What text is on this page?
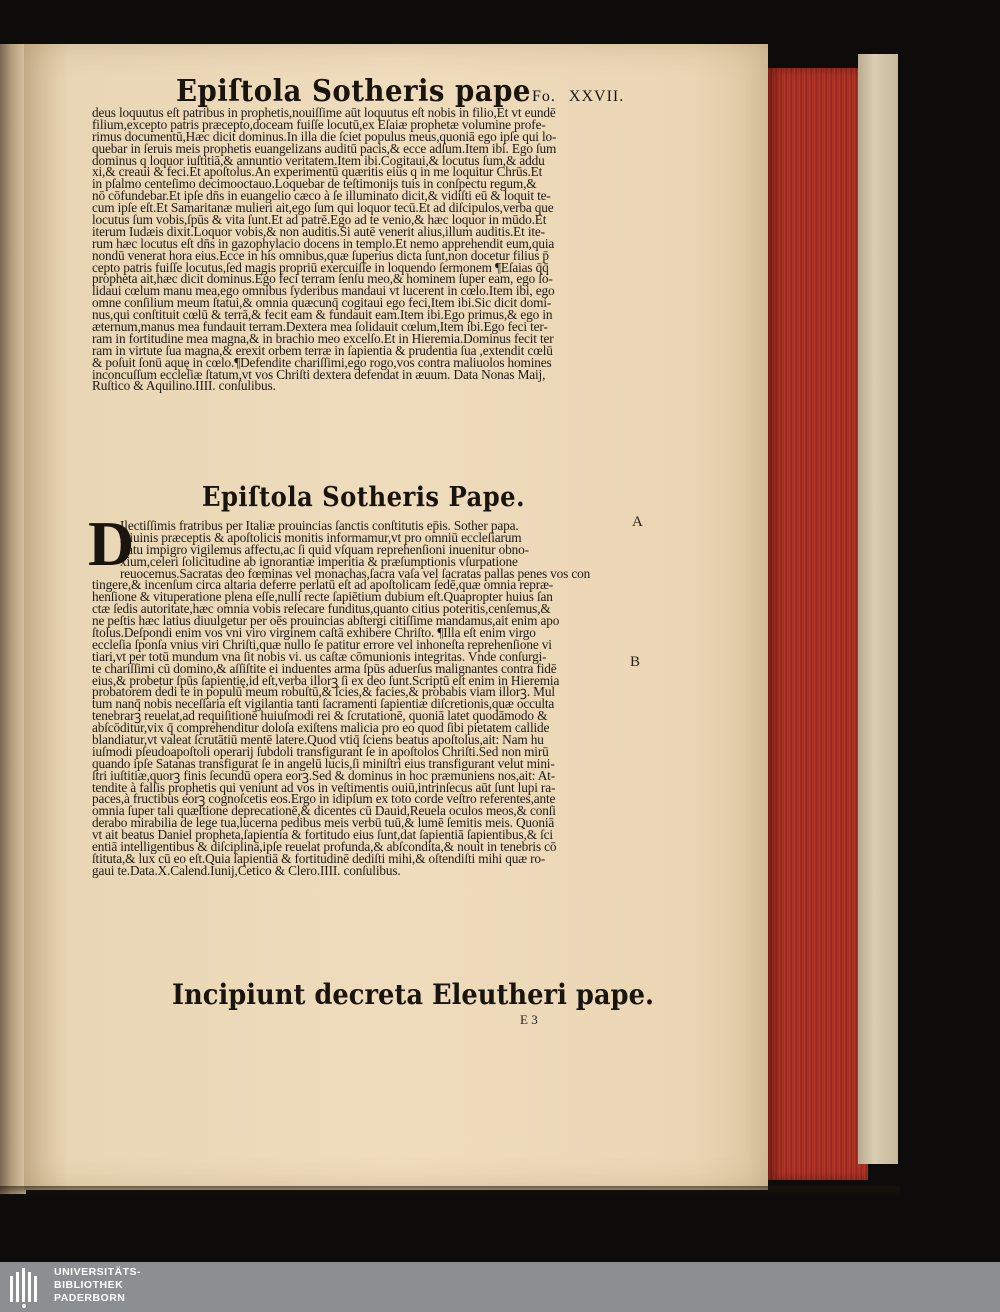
Epiſtola Sotheris pape Fo. XXVII.
deus loquutus eſt patribus in prophetis,nouiſſime aūt loquutus eſt nobis in filio,Et vt eundē
filium,excepto patris præcepto,doceam fuiſſe locutū,ex Eſaiæ prophetæ volumine profe-
rimus documentū,Hæc dicit dominus.In illa die ſciet populus meus,quoniā ego ipſe qui lo-
quebar in ſeruis meis prophetis euangelizans auditū pacis,& ecce adſum.Item ibi. Ego ſum
dominus q loquor iuſtitiā,& annuntio veritatem.Item ibi.Cogitaui,& locutus ſum,& addu
xi,& creaui & feci.Et apoſtolus.An experimentū quæritis eius q in me loquitur Chrūs.Et
in pſalmo centeſimo decimooctauo.Loquebar de teſtimonijs tuis in conſpectu regum,&
nō cōfundebar.Et ipſe dn̄s in euangelio cæco à ſe illuminato dicit,& vidiſti eū & loquit te-
cum ipſe eſt.Et Samaritanæ mulieri ait,ego ſum qui loquor tecū.Et ad diſcipulos,verba que
locutus ſum vobis,ſpūs & vita ſunt.Et ad patrē.Ego ad te venio,& hæc loquor in mūdo.Et
iterum Iudæis dixit.Loquor vobis,& non auditis.Si autē venerit alius,illum auditis.Et ite-
rum hæc locutus eſt dn̄s in gazophylacio docens in templo.Et nemo apprehendit eum,quia
nondū venerat hora eius.Ecce in his omnibus,quæ ſuperius dicta ſunt,non docetur filius p̄
cepto patris fuiſſe locutus,ſed magis propriū exercuiſſe in loquendo ſermonem ¶Eſaias q̄q̄
propheta ait,hæc dicit dominus.Ego feci terram ſenſu meo,& hominem ſuper eam, ego ſo-
lidaui cœlum manu mea,ego omnibus ſyderibus mandaui vt lucerent in cœlo.Item ibi, ego
omne conſilium meum ſtatui,& omnia quæcunq̄ cogitaui ego feci,Item ibi.Sic dicit domi-
nus,qui conſtituit cœlū & terrā,& fecit eam & fundauit eam.Item ibi.Ego primus,& ego in
æternum,manus mea fundauit terram.Dextera mea ſolidauit cœlum,Item ibi.Ego feci ter-
ram in fortitudine mea magna,& in brachio meo excelſo.Et in Hieremia.Dominus fecit ter
ram in virtute ſua magna,& erexit orbem terræ in ſapientia & prudentia ſua ,extendit cœlū
& poſuit ſonū aquę in cœlo.¶Defendite chariſſimi,ego rogo,vos contra maliuolos homines
inconcuſſum eccleſiæ ſtatum,vt vos Chriſti dextera defendat in æuum. Data Nonas Maij,
Ruſtico & Aquilino.IIII. conſulibus.
Epiſtola Sotheris Pape.
D
Ilectiſſimis fratribus per Italiæ prouincias ſanctis conſtitutis ep̄is. Sother papa.
Diuinis præceptis & apoſtolicis monitis informamur,vt pro omniū eccleſiarum
ſtatu impigro vigilemus affectu,ac ſi quid vſquam reprehenſioni inuenitur obno-
xium,celeri ſolicitudine ab ignorantiæ imperitia & præſumptionis vſurpatione
reuocemus.Sacratas deo fœminas vel monachas,ſacra vaſa vel ſacratas pallas penes vos con
tingere,& incenſum circa altaria deferre perlatū eſt ad apoſtolicam ſedē,quæ omnia repræ-
henſione & vituperatione plena eſſe,nulli recte ſapiētium dubium eſt.Quapropter huius ſan
ctæ ſedis autoritate,hæc omnia vobis reſecare funditus,quanto citius poteritis,cenſemus,&
ne peſtis hæc latius diuulgetur per oēs prouincias abſtergi citiſſime mandamus,ait enim apo
ſtolus.Deſpondi enim vos vni viro virginem caſtā exhibere Chriſto. ¶Illa eſt enim virgo
eccleſia ſponſa vnius viri Chriſti,quæ nullo ſe patitur errore vel inhoneſta reprehenſione vi
tiari,vt per totū mundum vna ſit nobis vi. us caſtæ cōmunionis integritas. Vnde conſurgi-
te chariſſimi cū domino,& aſſiſtite ei induentes arma ſpūs aduerſus malignantes contra fidē
eius,& probetur ſpūs ſapientię,id eſt,verba illorꝫ ſi ex deo ſunt.Scriptū eſt enim in Hieremia
probatorem dedi te in populū meum robuſtū,& ſcies,& facies,& probabis viam illorꝫ. Mul
tum nanq̄ nobis neceſſaria eſt vigilantia tanti ſacramenti ſapientiæ diſcretionis,quæ occulta
tenebrarꝫ reuelat,ad requiſitionē huiuſmodi rei & ſcrutationē, quoniā latet quodāmodo &
abſcōditur,vix q̄ comprehenditur doloſa exiſtens malicia pro eo quod ſibi pietatem callide
blandiatur,vt valeat ſcrutātiū mentē latere.Quod vtiq̄ ſciens beatus apoſtolus,ait: Nam hu
iuſmodi pſeudoapoſtoli operarij ſubdoli transfigurant ſe in apoſtolos Chriſti.Sed non mirū
quando ipſe Satanas transfigurat ſe in angelū lucis,ſi miniſtri eius transfigurant velut mini-
ſtri iuſtitiæ,quorꝫ finis ſecundū opera eorꝫ.Sed & dominus in hoc præmuniens nos,ait: At-
tendite à falſis prophetis qui veniunt ad vos in veſtimentis ouiū,intrinſecus aūt ſunt lupi ra-
paces,à fructibus eorꝫ cognoſcetis eos.Ergo in idipſum ex toto corde veſtro referentes,ante
omnia ſuper tali quæſtione deprecationē,& dicentes cū Dauid,Reuela oculos meos,& conſi
derabo mirabilia de lege tua,lucerna pedibus meis verbū tuū,& lumē ſemitis meis. Quoniā
vt ait beatus Daniel propheta,ſapientia & fortitudo eius ſunt,dat ſapientiā ſapientibus,& ſci
entiā intelligentibus & diſciplinā,ipſe reuelat profunda,& abſcondita,& nouit in tenebris cō
ſtituta,& lux cū eo eſt.Quia ſapientiā & fortitudinē dediſti mihi,& oſtendiſti mihi quæ ro-
gaui te.Data.X.Calend.Iunij,Cetico & Clero.IIII. conſulibus.
A
B
Incipiunt decreta Eleutheri pape.
E 3
UNIVERSITÄTS-
BIBLIOTHEK
PADERBORN
